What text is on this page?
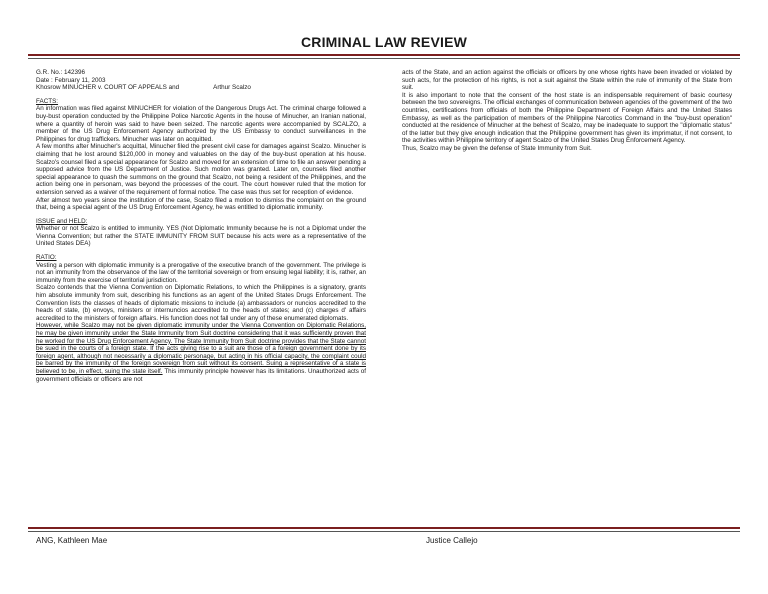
CRIMINAL LAW REVIEW

G.R. No.: 142396

Date : February 11, 2003

Khosrow MINUCHER v. COURT OF APPEALS and	Arthur Scalzo

FACTS:

An information was filed against MINUCHER for violation of the Dangerous Drugs Act. The criminal charge followed a buy-bust operation conducted by the Philippine Police Narcotic Agents in the house of Minucher, an Iranian national, where a quantity of heroin was said to have been seized. The narcotic agents were accompanied by SCALZO, a member of the US Drug Enforcement Agency authorized by the US Embassy to conduct surveillances in the Philippines for drug traffickers. Minucher was later on acquitted.

A few months after Minucher's acquittal, Minucher filed the present civil case for damages against Scalzo. Minucher is claiming that he lost around $120,000 in money and valuables on the day of the buy-bust operation at his house. Scalzo's counsel filed a special appearance for Scalzo and moved for an extension of time to file an answer pending a supposed advice from the US Department of Justice. Such motion was granted. Later on, counsels filed another special appearance to quash the summons on the ground that Scalzo, not being a resident of the Philippines, and the action being one in personam, was beyond the processes of the court. The court however ruled that the motion for extension served as a waiver of the requirement of formal notice. The case was thus set for reception of evidence.

After almost two years since the institution of the case, Scalzo filed a motion to dismiss the complaint on the ground that, being a special agent of the US Drug Enforcement Agency, he was entitled to diplomatic immunity.

ISSUE and HELD:

Whether or not Scalzo is entitled to immunity. YES (Not Diplomatic Immunity because he is not a Diplomat under the Vienna Convention; but rather the STATE IMMUNITY FROM SUIT because his acts were as a representative of the United States DEA)

RATIO:

Vesting a person with diplomatic immunity is a prerogative of the executive branch of the government. The privilege is not an immunity from the observance of the law of the territorial sovereign or from ensuing legal liability; it is, rather, an immunity from the exercise of territorial jurisdiction.

Scalzo contends that the Vienna Convention on Diplomatic Relations, to which the Philippines is a signatory, grants him absolute immunity from suit, describing his functions as an agent of the United States Drugs Enforcement. The Convention lists the classes of heads of diplomatic missions to include (a) ambassadors or nuncios accredited to the heads of state, (b) envoys, ministers or internuncios accredited to the heads of states; and (c) charges d' affairs accredited to the ministers of foreign affairs. His function does not fall under any of these enumerated diplomats.

However, while Scalzo may not be given diplomatic immunity under the Vienna Convention on Diplomatic Relations, he may be given immunity under the State Immunity from Suit doctrine considering that it was sufficiently proven that he worked for the US Drug Enforcement Agency. The State Immunity from Suit doctrine provides that the State cannot be sued in the courts of a foreign state. If the acts giving rise to a suit are those of a foreign government done by its foreign agent, although not necessarily a diplomatic personage, but acting in his official capacity, the complaint could be barred by the immunity of the foreign sovereign from suit without its consent. Suing a representative of a state is believed to be, in effect, suing the state itself. This immunity principle however has its limitations. Unauthorized acts of government officials or officers are not

acts of the State, and an action against the officials or officers by one whose rights have been invaded or violated by such acts, for the protection of his rights, is not a suit against the State within the rule of immunity of the State from suit.

It is also important to note that the consent of the host state is an indispensable requirement of basic courtesy between the two sovereigns. The official exchanges of communication between agencies of the government of the two countries, certifications from officials of both the Philippine Department of Foreign Affairs and the United States Embassy, as well as the participation of members of the Philippine Narcotics Command in the "buy-bust operation" conducted at the residence of Minucher at the behest of Scalzo, may be inadequate to support the "diplomatic status" of the latter but they give enough indication that the Philippine government has given its imprimatur, if not consent, to the activities within Philippine territory of agent Scalzo of the United States Drug Enforcement Agency.

Thus, Scalzo may be given the defense of State Immunity from Suit.

ANG, Kathleen Mae	Justice Callejo
